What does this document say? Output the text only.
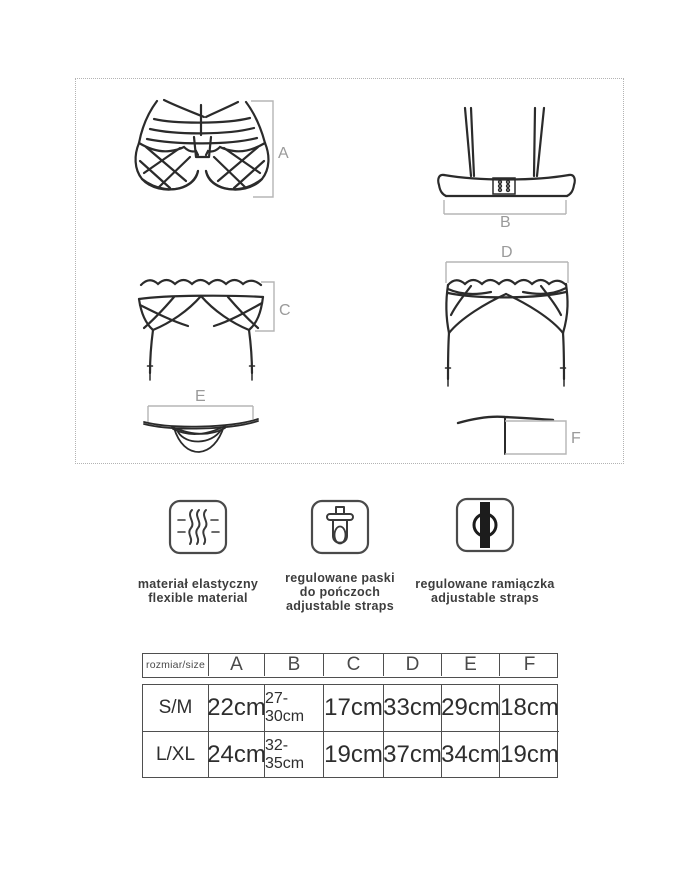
A
B
C
D
E
F
materiał elastyczny
flexible material
regulowane paski
do pończoch
adjustable straps
regulowane ramiączka
adjustable straps
rozmiar/size	A	B	C	D	E	F
S/M 22cm 27-30cm 17cm 33cm 29cm 18cm
L/XL 24cm 32-35cm 19cm 37cm 34cm 19cm
